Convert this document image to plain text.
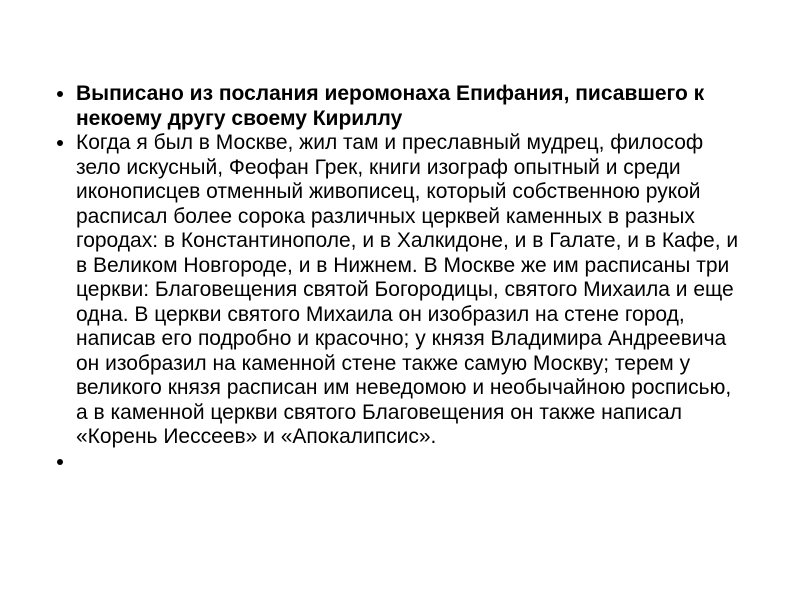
Выписано из послания иеромонаха Епифания, писавшего к некоему другу своему Кириллу
Когда я был в Москве, жил там и преславный мудрец, философ зело искусный, Феофан Грек, книги изограф опытный и среди иконописцев отменный живописец, который собственною рукой расписал более сорока различных церквей каменных в разных городах: в Константинополе, и в Халкидоне, и в Галате, и в Кафе, и в Великом Новгороде, и в Нижнем. В Москве же им расписаны три церкви: Благовещения святой Богородицы, святого Михаила и еще одна. В церкви святого Михаила он изобразил на стене город, написав его подробно и красочно; у князя Владимира Андреевича он изобразил на каменной стене также самую Москву; терем у великого князя расписан им неведомою и необычайною росписью, а в каменной церкви святого Благовещения он также написал «Корень Иессеев» и «Апокалипсис».
